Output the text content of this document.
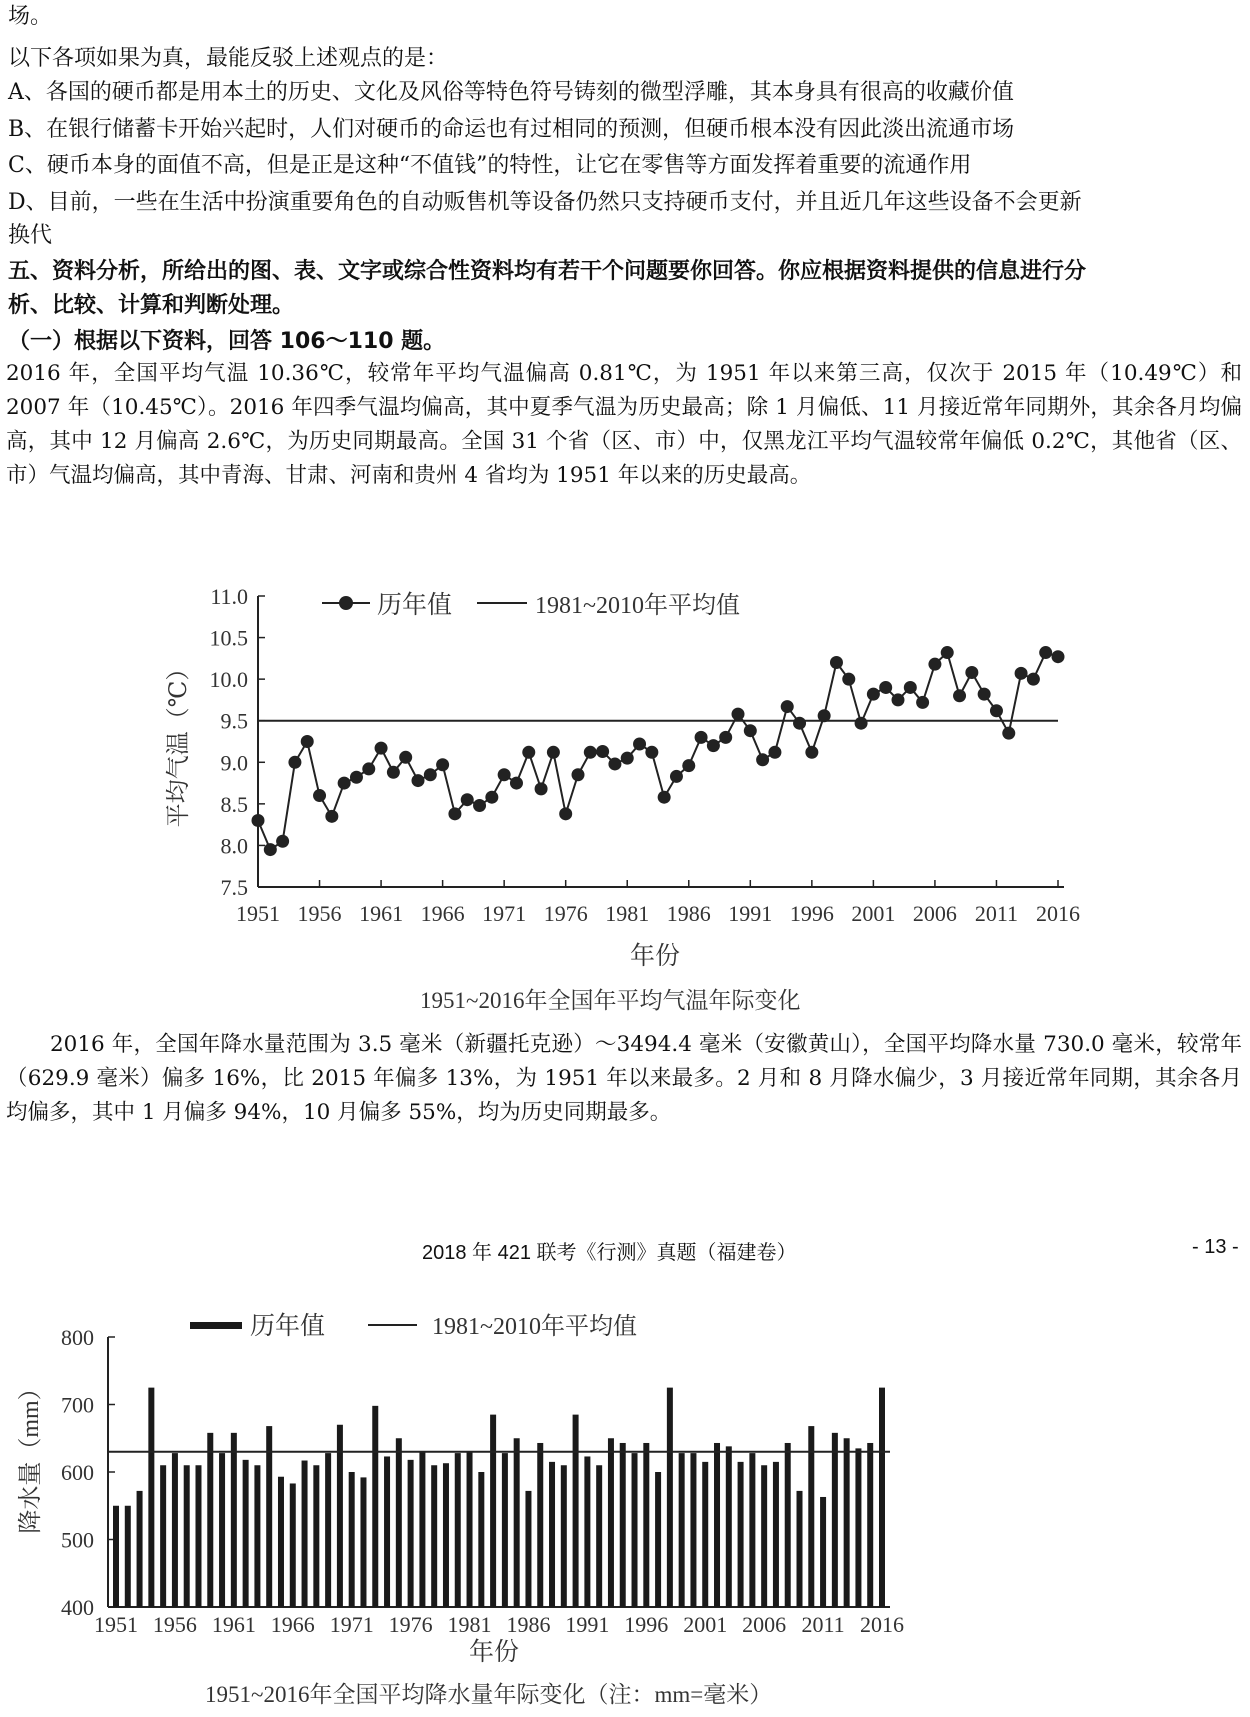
场。
以下各项如果为真，最能反驳上述观点的是：
A、各国的硬币都是用本土的历史、文化及风俗等特色符号铸刻的微型浮雕，其本身具有很高的收藏价值
B、在银行储蓄卡开始兴起时，人们对硬币的命运也有过相同的预测，但硬币根本没有因此淡出流通市场
C、硬币本身的面值不高，但是正是这种“不值钱”的特性，让它在零售等方面发挥着重要的流通作用
D、目前，一些在生活中扮演重要角色的自动贩售机等设备仍然只支持硬币支付，并且近几年这些设备不会更新
换代
五、资料分析，所给出的图、表、文字或综合性资料均有若干个问题要你回答。你应根据资料提供的信息进行分
析、比较、计算和判断处理。
（一）根据以下资料，回答 106～110 题。
2016 年，全国平均气温 10.36℃，较常年平均气温偏高 0.81℃，为 1951 年以来第三高，仅次于 2015 年（10.49℃）和 2007 年（10.45℃）。2016 年四季气温均偏高，其中夏季气温为历史最高；除 1 月偏低、11 月接近常年同期外，其余各月均偏高，其中 12 月偏高 2.6℃，为历史同期最高。全国 31 个省（区、市）中，仅黑龙江平均气温较常年偏低 0.2℃，其他省（区、市）气温均偏高，其中青海、甘肃、河南和贵州 4 省均为 1951 年以来的历史最高。
7.5
8.0
8.5
9.0
9.5
10.0
10.5
11.0
1951 1956 1961 1966 1971 1976 1981 1986 1991 1996 2001 2006 2011 2016
历年值	1981~2010年平均值
年份
平均气温（℃）
400
500
600
700
800
1951 1956 1961 1966 1971 1976 1981 1986 1991 1996 2001 2006 2011 2016
历年值	1981~2010年平均值
年份
降水量（mm）
1951~2016年全国年平均气温年际变化
2016 年，全国年降水量范围为 3.5 毫米（新疆托克逊）～3494.4 毫米（安徽黄山），全国平均降水量 730.0 毫米，较常年（629.9 毫米）偏多 16%，比 2015 年偏多 13%，为 1951 年以来最多。2 月和 8 月降水偏少，3 月接近常年同期，其余各月均偏多，其中 1 月偏多 94%，10 月偏多 55%，均为历史同期最多。
2018 年 421 联考《行测》真题（福建卷）	- 13 -
1951~2016年全国平均降水量年际变化（注：mm=毫米）
